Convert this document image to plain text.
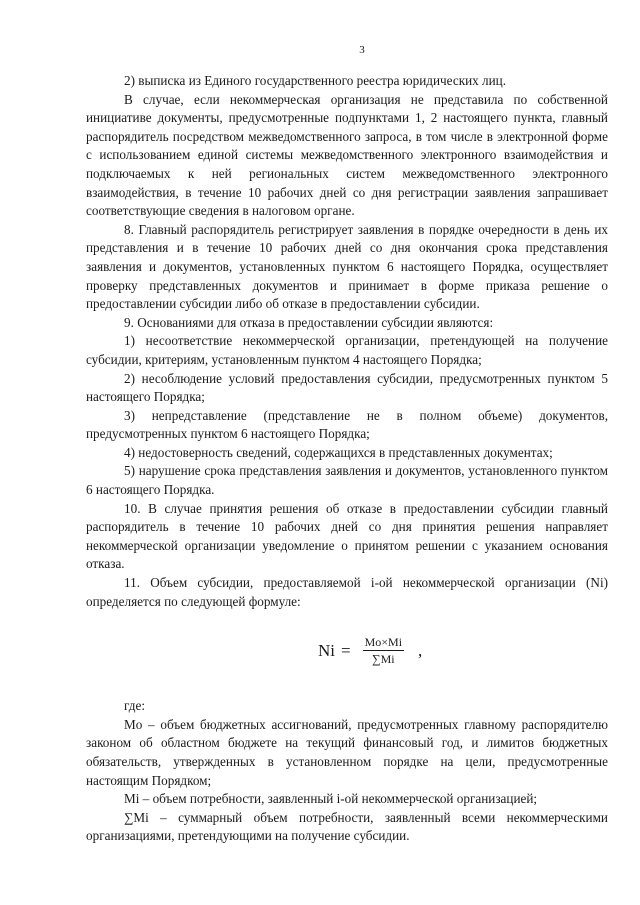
3

2) выписка из Единого государственного реестра юридических лиц.

В случае, если некоммерческая организация не представила по собственной инициативе документы, предусмотренные подпунктами 1, 2 настоящего пункта, главный распорядитель посредством межведомственного запроса, в том числе в электронной форме с использованием единой системы межведомственного электронного взаимодействия и подключаемых к ней региональных систем межведомственного электронного взаимодействия, в течение 10 рабочих дней со дня регистрации заявления запрашивает соответствующие сведения в налоговом органе.

8. Главный распорядитель регистрирует заявления в порядке очередности в день их представления и в течение 10 рабочих дней со дня окончания срока представления заявления и документов, установленных пунктом 6 настоящего Порядка, осуществляет проверку представленных документов и принимает в форме приказа решение о предоставлении субсидии либо об отказе в предоставлении субсидии.

9. Основаниями для отказа в предоставлении субсидии являются:

1) несоответствие некоммерческой организации, претендующей на получение субсидии, критериям, установленным пунктом 4 настоящего Порядка;

2) несоблюдение условий предоставления субсидии, предусмотренных пунктом 5 настоящего Порядка;

3) непредставление (представление не в полном объеме) документов, предусмотренных пунктом 6 настоящего Порядка;

4) недостоверность сведений, содержащихся в представленных документах;

5) нарушение срока представления заявления и документов, установленного пунктом 6 настоящего Порядка.

10. В случае принятия решения об отказе в предоставлении субсидии главный распорядитель в течение 10 рабочих дней со дня принятия решения направляет некоммерческой организации уведомление о принятом решении с указанием основания отказа.

11. Объем субсидии, предоставляемой i-ой некоммерческой организации (Ni) определяется по следующей формуле:

$Ni = \frac{Mo\times Mi}{\sum Mi}$ ,

где:

Mo – объем бюджетных ассигнований, предусмотренных главному распорядителю законом об областном бюджете на текущий финансовый год, и лимитов бюджетных обязательств, утвержденных в установленном порядке на цели, предусмотренные настоящим Порядком;

Mi – объем потребности, заявленный i-ой некоммерческой организацией;

∑Mi – суммарный объем потребности, заявленный всеми некоммерческими организациями, претендующими на получение субсидии.
